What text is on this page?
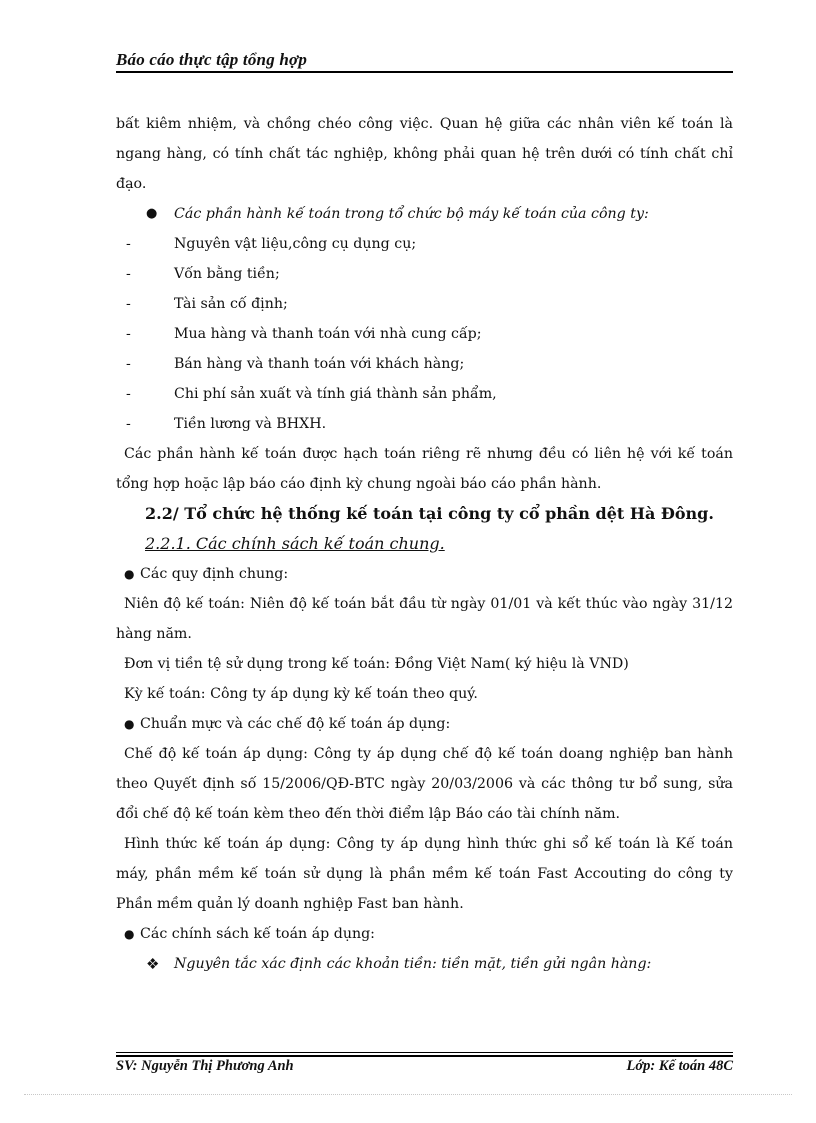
Báo cáo thực tập tổng hợp

bất kiêm nhiệm, và chồng chéo công việc. Quan hệ giữa các nhân viên kế toán là ngang hàng, có tính chất tác nghiệp, không phải quan hệ trên dưới có tính chất chỉ đạo.

● Các phần hành kế toán trong tổ chức bộ máy kế toán của công ty:
-	Nguyên vật liệu,công cụ dụng cụ;
-	Vốn bằng tiền;
-	Tài sản cố định;
-	Mua hàng và thanh toán với nhà cung cấp;
-	Bán hàng và thanh toán với khách hàng;
-	Chi phí sản xuất và tính giá thành sản phẩm,
-	Tiền lương và BHXH.

Các phần hành kế toán được hạch toán riêng rẽ nhưng đều có liên hệ với kế toán tổng hợp hoặc lập báo cáo định kỳ chung ngoài báo cáo phần hành.

2.2/ Tổ chức hệ thống kế toán tại công ty cổ phần dệt Hà Đông.
2.2.1. Các chính sách kế toán chung.
● Các quy định chung:

Niên độ kế toán: Niên độ kế toán bắt đầu từ ngày 01/01 và kết thúc vào ngày 31/12 hàng năm.

Đơn vị tiền tệ sử dụng trong kế toán: Đồng Việt Nam( ký hiệu là VND)

Kỳ kế toán: Công ty áp dụng kỳ kế toán theo quý.

● Chuẩn mực và các chế độ kế toán áp dụng:

Chế độ kế toán áp dụng: Công ty áp dụng chế độ kế toán doang nghiệp ban hành theo Quyết định số 15/2006/QĐ-BTC ngày 20/03/2006 và các thông tư bổ sung, sửa đổi chế độ kế toán kèm theo đến thời điểm lập Báo cáo tài chính năm.

Hình thức kế toán áp dụng: Công ty áp dụng hình thức ghi sổ kế toán là Kế toán máy, phần mềm kế toán sử dụng là phần mềm kế toán Fast Accouting do công ty Phần mềm quản lý doanh nghiệp Fast ban hành.

● Các chính sách kế toán áp dụng:
❖ Nguyên tắc xác định các khoản tiền: tiền mặt, tiền gửi ngân hàng:
SV: Nguyễn Thị Phương Anh	Lớp: Kế toán 48C
